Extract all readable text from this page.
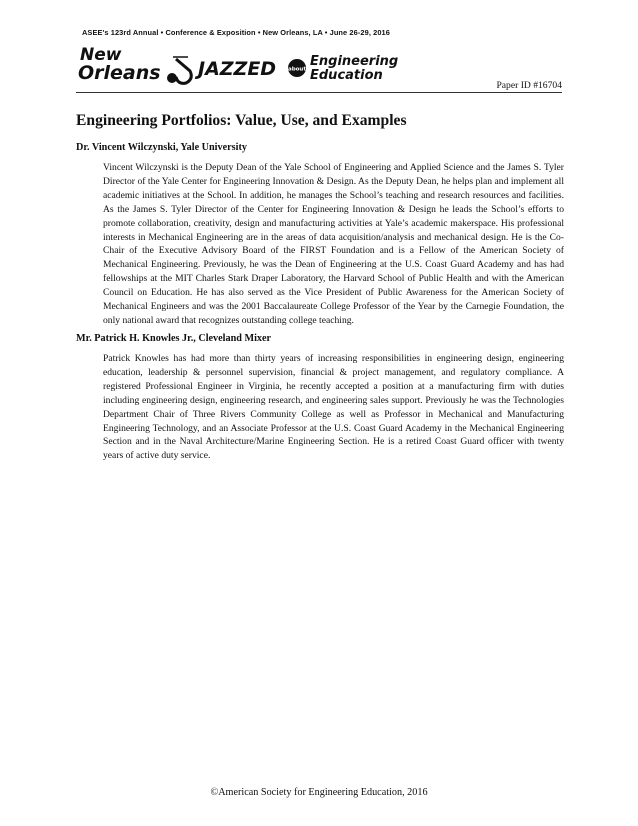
ASEE's 123rd Annual • Conference & Exposition • New Orleans, LA • June 26-29, 2016
New
Orleans JAZZED about
Engineering
Education
Paper ID #16704
Engineering Portfolios: Value, Use, and Examples
Dr. Vincent Wilczynski, Yale University
Vincent Wilczynski is the Deputy Dean of the Yale School of Engineering and Applied Science and the James S. Tyler Director of the Yale Center for Engineering Innovation & Design. As the Deputy Dean, he helps plan and implement all academic initiatives at the School. In addition, he manages the School’s teaching and research resources and facilities. As the James S. Tyler Director of the Center for Engineering Innovation & Design he leads the School’s efforts to promote collaboration, creativity, design and manufacturing activities at Yale’s academic makerspace. His professional interests in Mechanical Engineering are in the areas of data acquisition/analysis and mechanical design. He is the Co-Chair of the Executive Advisory Board of the FIRST Foundation and is a Fellow of the American Society of Mechanical Engineering. Previously, he was the Dean of Engineering at the U.S. Coast Guard Academy and has had fellowships at the MIT Charles Stark Draper Laboratory, the Harvard School of Public Health and with the American Council on Education. He has also served as the Vice President of Public Awareness for the American Society of Mechanical Engineers and was the 2001 Baccalaureate College Professor of the Year by the Carnegie Foundation, the only national award that recognizes outstanding college teaching.
Mr. Patrick H. Knowles Jr., Cleveland Mixer
Patrick Knowles has had more than thirty years of increasing responsibilities in engineering design, engineering education, leadership & personnel supervision, financial & project management, and regulatory compliance. A registered Professional Engineer in Virginia, he recently accepted a position at a manufacturing firm with duties including engineering design, engineering research, and engineering sales support. Previously he was the Technologies Department Chair of Three Rivers Community College as well as Professor in Mechanical and Manufacturing Engineering Technology, and an Associate Professor at the U.S. Coast Guard Academy in the Mechanical Engineering Section and in the Naval Architecture/Marine Engineering Section. He is a retired Coast Guard officer with twenty years of active duty service.
©American Society for Engineering Education, 2016
